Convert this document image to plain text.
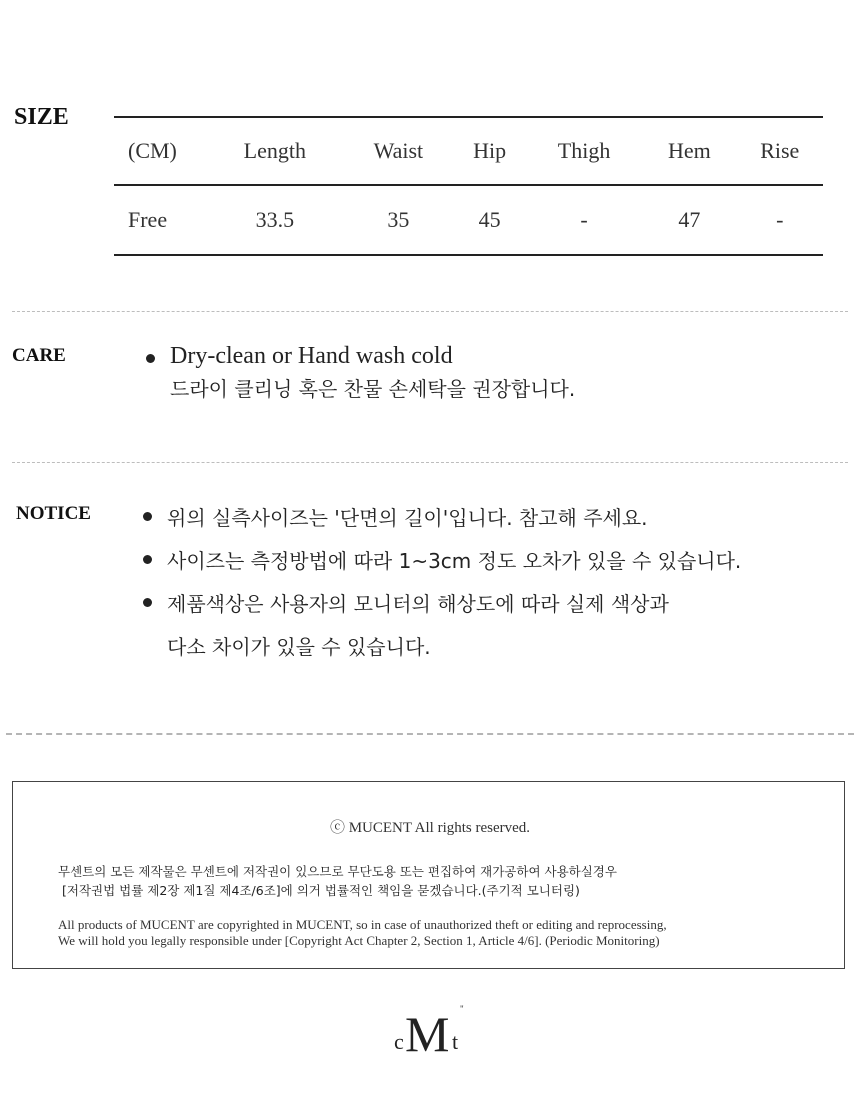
SIZE
(CM)	Length	Waist	Hip	Thigh	Hem	Rise
Free	33.5	35	45	-	47	-
CARE	Dry-clean or Hand wash cold
드라이 클리닝 혹은 찬물 손세탁을 권장합니다.
NOTICE	위의 실측사이즈는 '단면의 길이'입니다. 참고해 주세요.
사이즈는 측정방법에 따라 1~3cm 정도 오차가 있을 수 있습니다.
제품색상은 사용자의 모니터의 해상도에 따라 실제 색상과
다소 차이가 있을 수 있습니다.
ⓒ MUCENT All rights reserved.
무센트의 모든 제작물은 무센트에 저작권이 있으므로 무단도용 또는 편집하여 재가공하여 사용하실경우
[저작권법 법률 제2장 제1질 제4조/6조]에 의거 법률적인 책임을 묻겠습니다.(주기적 모니터링)
All products of MUCENT are copyrighted in MUCENT, so in case of unauthorized theft or editing and reprocessing,
We will hold you legally responsible under [Copyright Act Chapter 2, Section 1, Article 4/6]. (Periodic Monitoring)
c M t
"
